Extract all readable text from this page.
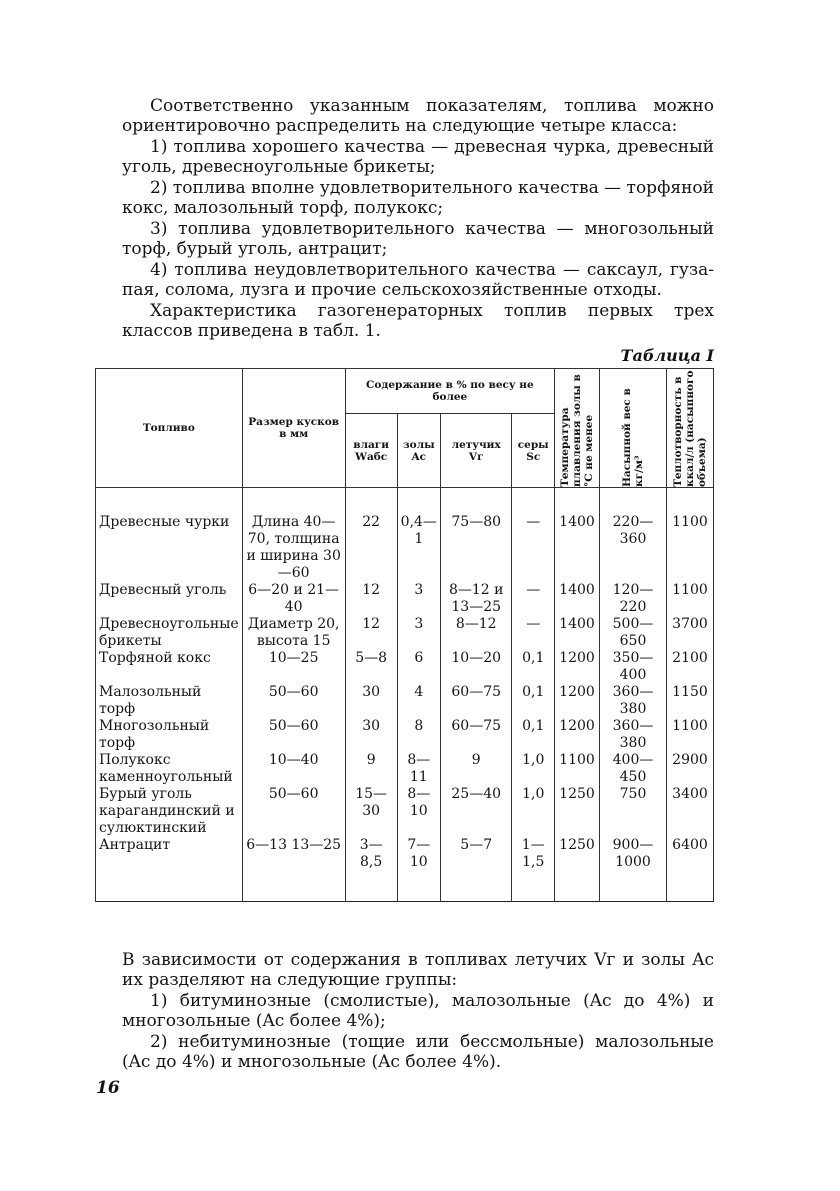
Соответственно указанным показателям, топлива можно ориентировочно распределить на следующие четыре класса:

1) топлива хорошего качества — древесная чурка, древесный уголь, древесноугольные брикеты;

2) топлива вполне удовлетворительного качества — торфяной кокс, малозольный торф, полукокс;

3) топлива удовлетворительного качества — многозольный торф, бурый уголь, антрацит;

4) топлива неудовлетворительного качества — саксаул, гуза-пая, солома, лузга и прочие сельскохозяйственные отходы.

Характеристика газогенераторных топлив первых трех классов приведена в табл. 1.

Таблица I
Топливо	Размер кусков в мм	Содержание в % по весу не более				Температура плавления золы в °С не менее	Насыпной вес в кг/м³	Теплотворность в ккал/л (насыпного объема)

		влаги Wабс	золы Ac	летучих Vг	серы Sc			
Древесные чурки	Длина 40—70, толщина и ширина 30—60	22	0,4—1	75—80	—	1400	220—360	1100
Древесный уголь	6—20 и 21—40	12	3	8—12 и 13—25	—	1400	120—220	1100
Древесноугольные брикеты	Диаметр 20, высота 15	12	3	8—12	—	1400	500—650	3700
Торфяной кокс	10—25	5—8	6	10—20	0,1	1200	350—400	2100
Малозольный торф	50—60	30	4	60—75	0,1	1200	360—380	1150
Многозольный торф	50—60	30	8	60—75	0,1	1200	360—380	1100
Полукокс каменноугольный	10—40	9	8—11	9	1,0	1100	400—450	2900
Бурый уголь карагандинский и сулюктинский	50—60	15—30	8—10	25—40	1,0	1250	750	3400
Антрацит	6—13 13—25	3—8,5	7—10	5—7	1—1,5	1250	900—1000	6400

В зависимости от содержания в топливах летучих Vг и золы Ac их разделяют на следующие группы:

1) битуминозные (смолистые), малозольные (Ac до 4%) и многозольные (Ac более 4%);

2) небитуминозные (тощие или бессмольные) малозольные (Ac до 4%) и многозольные (Ac более 4%).

16
